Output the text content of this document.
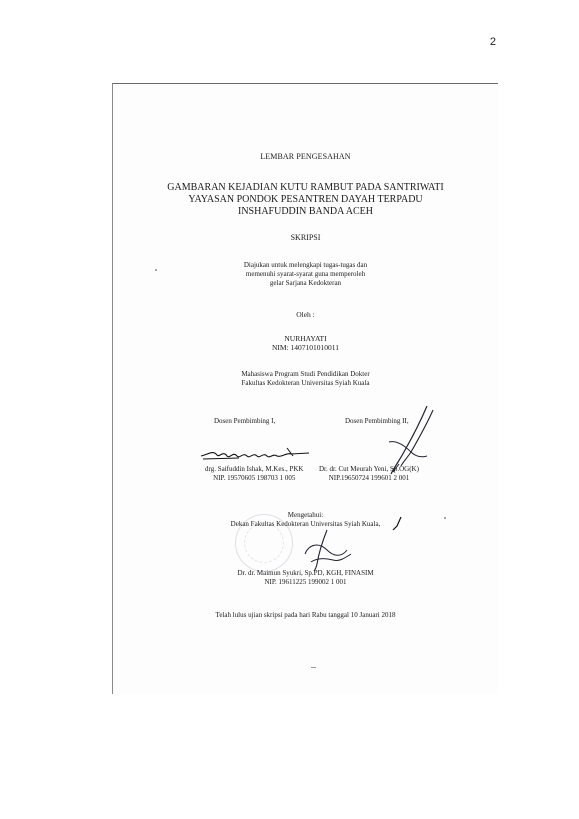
2
LEMBAR PENGESAHAN
GAMBARAN KEJADIAN KUTU RAMBUT PADA SANTRIWATI
YAYASAN PONDOK PESANTREN DAYAH TERPADU
INSHAFUDDIN BANDA ACEH
SKRIPSI
Diajukan untuk melengkapi tugas-tugas dan
memenuhi syarat-syarat guna memperoleh
gelar Sarjana Kedokteran
Oleh :
NURHAYATI
NIM: 1407101010011
Mahasiswa Program Studi Pendidikan Dokter
Fakultas Kedokteran Universitas Syiah Kuala
Dosen Pembimbing I,	Dosen Pembimbing II,
drg. Saifuddin Ishak, M.Kes., PKK
NIP. 19570605 198703 1 005
Dr. dr. Cut Meurah Yeni, Sp.OG(K)
NIP.19650724 199601 2 001
Mengetahui:
Dekan Fakultas Kedokteran Universitas Syiah Kuala,
Dr. dr. Maimun Syukri, Sp.PD, KGH, FINASIM
NIP. 19611225 199002 1 001
Telah lulus ujian skripsi pada hari Rabu tanggal 10 Januari 2018
